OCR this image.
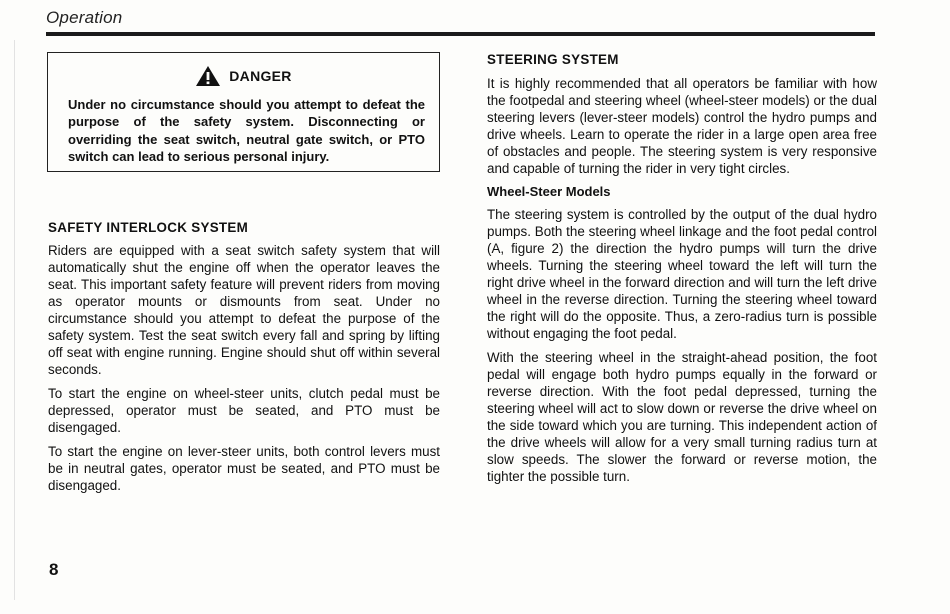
Operation
DANGER
Under no circumstance should you attempt to defeat the purpose of the safety system. Disconnecting or overriding the seat switch, neutral gate switch, or PTO switch can lead to serious personal injury.
SAFETY INTERLOCK SYSTEM

Riders are equipped with a seat switch safety system that will automatically shut the engine off when the operator leaves the seat. This important safety feature will prevent riders from moving as operator mounts or dismounts from seat. Under no circumstance should you attempt to defeat the purpose of the safety system. Test the seat switch every fall and spring by lifting off seat with engine running. Engine should shut off within several seconds.

To start the engine on wheel-steer units, clutch pedal must be depressed, operator must be seated, and PTO must be disengaged.

To start the engine on lever-steer units, both control levers must be in neutral gates, operator must be seated, and PTO must be disengaged.

STEERING SYSTEM

It is highly recommended that all operators be familiar with how the footpedal and steering wheel (wheel-steer models) or the dual steering levers (lever-steer models) control the hydro pumps and drive wheels. Learn to operate the rider in a large open area free of obstacles and people. The steering system is very responsive and capable of turning the rider in very tight circles.

Wheel-Steer Models

The steering system is controlled by the output of the dual hydro pumps. Both the steering wheel linkage and the foot pedal control (A, figure 2) the direction the hydro pumps will turn the drive wheels. Turning the steering wheel toward the left will turn the right drive wheel in the forward direction and will turn the left drive wheel in the reverse direction. Turning the steering wheel toward the right will do the opposite. Thus, a zero-radius turn is possible without engaging the foot pedal.

With the steering wheel in the straight-ahead position, the foot pedal will engage both hydro pumps equally in the forward or reverse direction. With the foot pedal depressed, turning the steering wheel will act to slow down or reverse the drive wheel on the side toward which you are turning. This independent action of the drive wheels will allow for a very small turning radius turn at slow speeds. The slower the forward or reverse motion, the tighter the possible turn.

8
